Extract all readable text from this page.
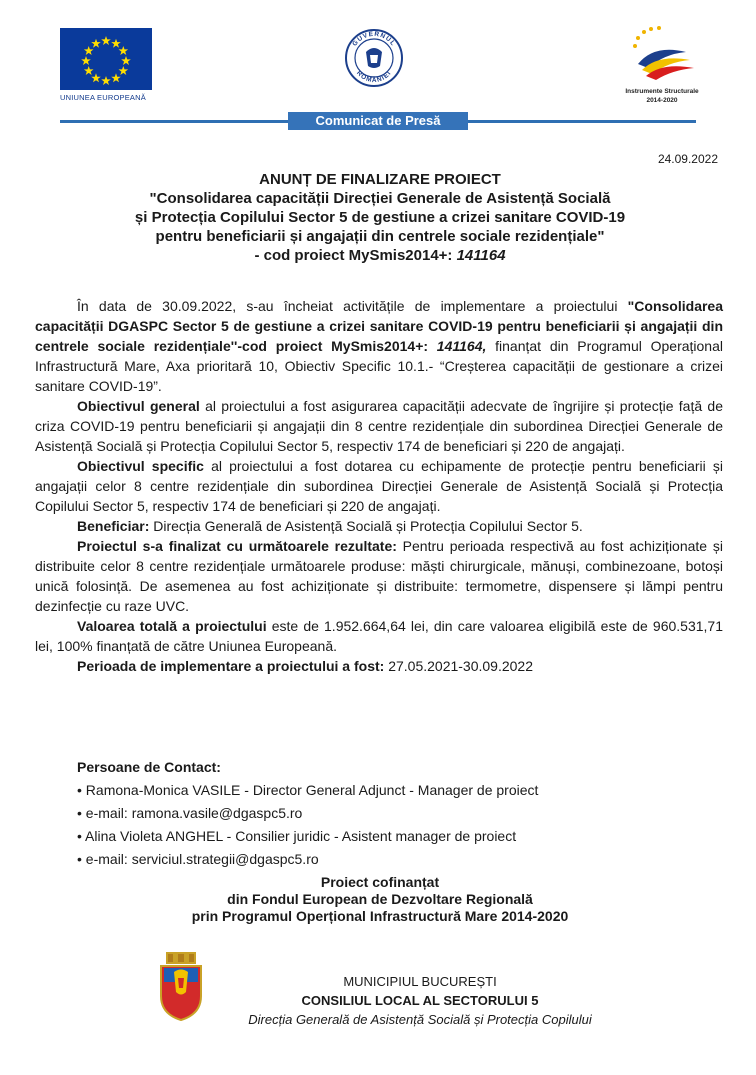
UNIUNEA EUROPEANĂ
GUVERNUL
ROMÂNIEI
Instrumente Structurale
2014-2020
Comunicat de Presă
24.09.2022
ANUNȚ DE FINALIZARE PROIECT
"Consolidarea capacității Direcției Generale de Asistență Socială
și Protecția Copilului Sector 5 de gestiune a crizei sanitare COVID-19
pentru beneficiarii și angajații din centrele sociale rezidențiale"
- cod proiect MySmis2014+: 141164

În data de 30.09.2022, s-au încheiat activitățile de implementare a proiectului "Consolidarea capacității DGASPC Sector 5 de gestiune a crizei sanitare COVID-19 pentru beneficiarii și angajații din centrele sociale rezidențiale''-cod proiect MySmis2014+: 141164, finanțat din Programul Operațional Infrastructură Mare, Axa prioritară 10, Obiectiv Specific 10.1.- “Creșterea capacității de gestionare a crizei sanitare COVID-19”.

Obiectivul general al proiectului a fost asigurarea capacității adecvate de îngrijire și protecție față de criza COVID-19 pentru beneficiarii și angajații din 8 centre rezidențiale din subordinea Direcției Generale de Asistență Socială și Protecția Copilului Sector 5, respectiv 174 de beneficiari și 220 de angajați.

Obiectivul specific al proiectului a fost dotarea cu echipamente de protecție pentru beneficiarii și angajații celor 8 centre rezidențiale din subordinea Direcției Generale de Asistență Socială și Protecția Copilului Sector 5, respectiv 174 de beneficiari și 220 de angajați.

Beneficiar: Direcția Generală de Asistență Socială și Protecția Copilului Sector 5.

Proiectul s-a finalizat cu următoarele rezultate: Pentru perioada respectivă au fost achiziționate și distribuite celor 8 centre rezidențiale următoarele produse: măști chirurgicale, mănuși, combinezoane, botoși unică folosință. De asemenea au fost achiziționate și distribuite: termometre, dispensere și lămpi pentru dezinfecție cu raze UVC.

Valoarea totală a proiectului este de 1.952.664,64 lei, din care valoarea eligibilă este de 960.531,71 lei, 100% finanțată de către Uniunea Europeană.

Perioada de implementare a proiectului a fost: 27.05.2021-30.09.2022

Persoane de Contact:
• Ramona-Monica VASILE - Director General Adjunct - Manager de proiect
• e-mail: ramona.vasile@dgaspc5.ro
• Alina Violeta ANGHEL - Consilier juridic - Asistent manager de proiect
• e-mail: serviciul.strategii@dgaspc5.ro
Proiect cofinanțat
din Fondul European de Dezvoltare Regională
prin Programul Operțional Infrastructură Mare 2014-2020
MUNICIPIUL BUCUREȘTI
CONSILIUL LOCAL AL SECTORULUI 5
Direcția Generală de Asistență Socială și Protecția Copilului
